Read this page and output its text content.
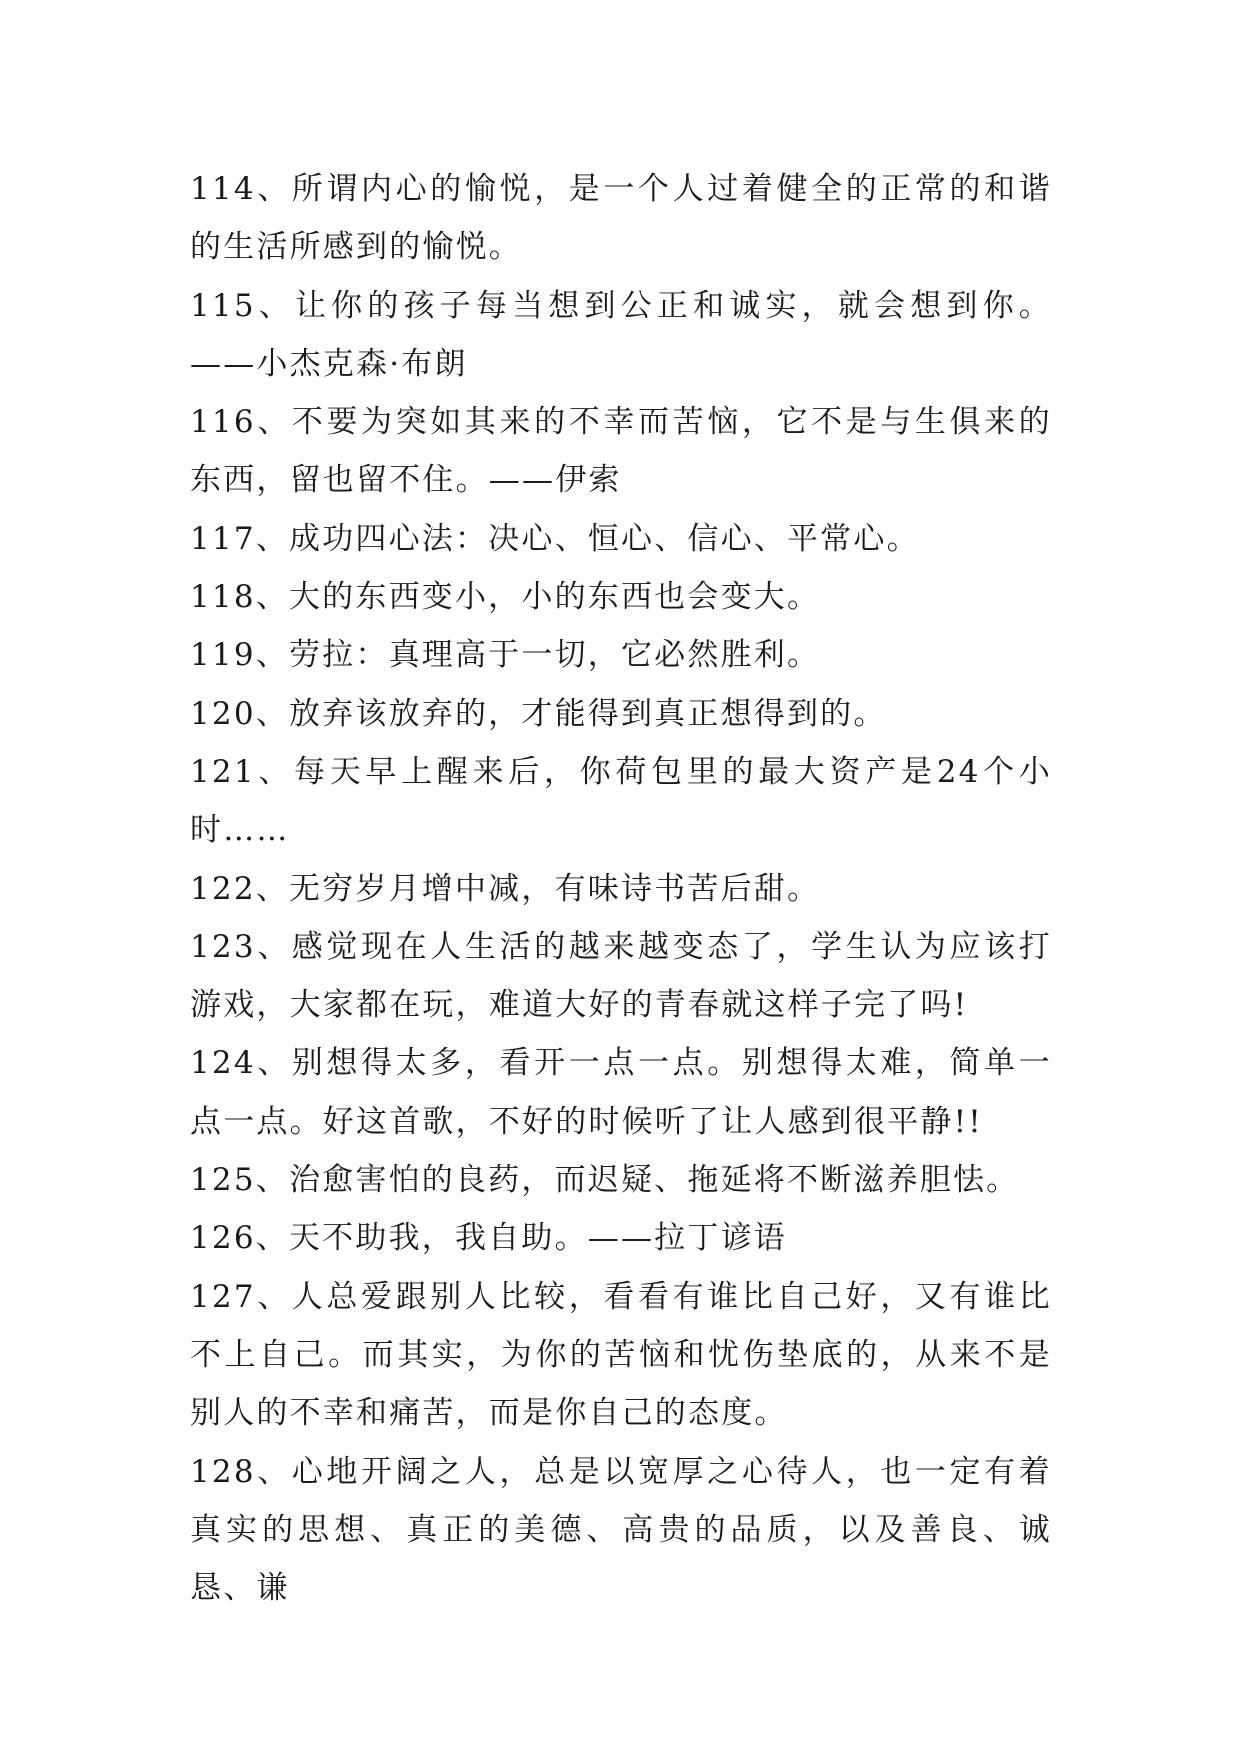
114、所谓内心的愉悦，是一个人过着健全的正常的和谐的生活所感到的愉悦。

115、让你的孩子每当想到公正和诚实，就会想到你。——小杰克森·布朗

116、不要为突如其来的不幸而苦恼，它不是与生俱来的东西，留也留不住。——伊索

117、成功四心法：决心、恒心、信心、平常心。

118、大的东西变小，小的东西也会变大。

119、劳拉：真理高于一切，它必然胜利。

120、放弃该放弃的，才能得到真正想得到的。

121、每天早上醒来后，你荷包里的最大资产是24个小时……

122、无穷岁月增中减，有味诗书苦后甜。

123、感觉现在人生活的越来越变态了，学生认为应该打游戏，大家都在玩，难道大好的青春就这样子完了吗!

124、别想得太多，看开一点一点。别想得太难，简单一点一点。好这首歌，不好的时候听了让人感到很平静!!

125、治愈害怕的良药，而迟疑、拖延将不断滋养胆怯。

126、天不助我，我自助。——拉丁谚语

127、人总爱跟别人比较，看看有谁比自己好，又有谁比不上自己。而其实，为你的苦恼和忧伤垫底的，从来不是别人的不幸和痛苦，而是你自己的态度。

128、心地开阔之人，总是以宽厚之心待人，也一定有着真实的思想、真正的美德、高贵的品质，以及善良、诚恳、谦
